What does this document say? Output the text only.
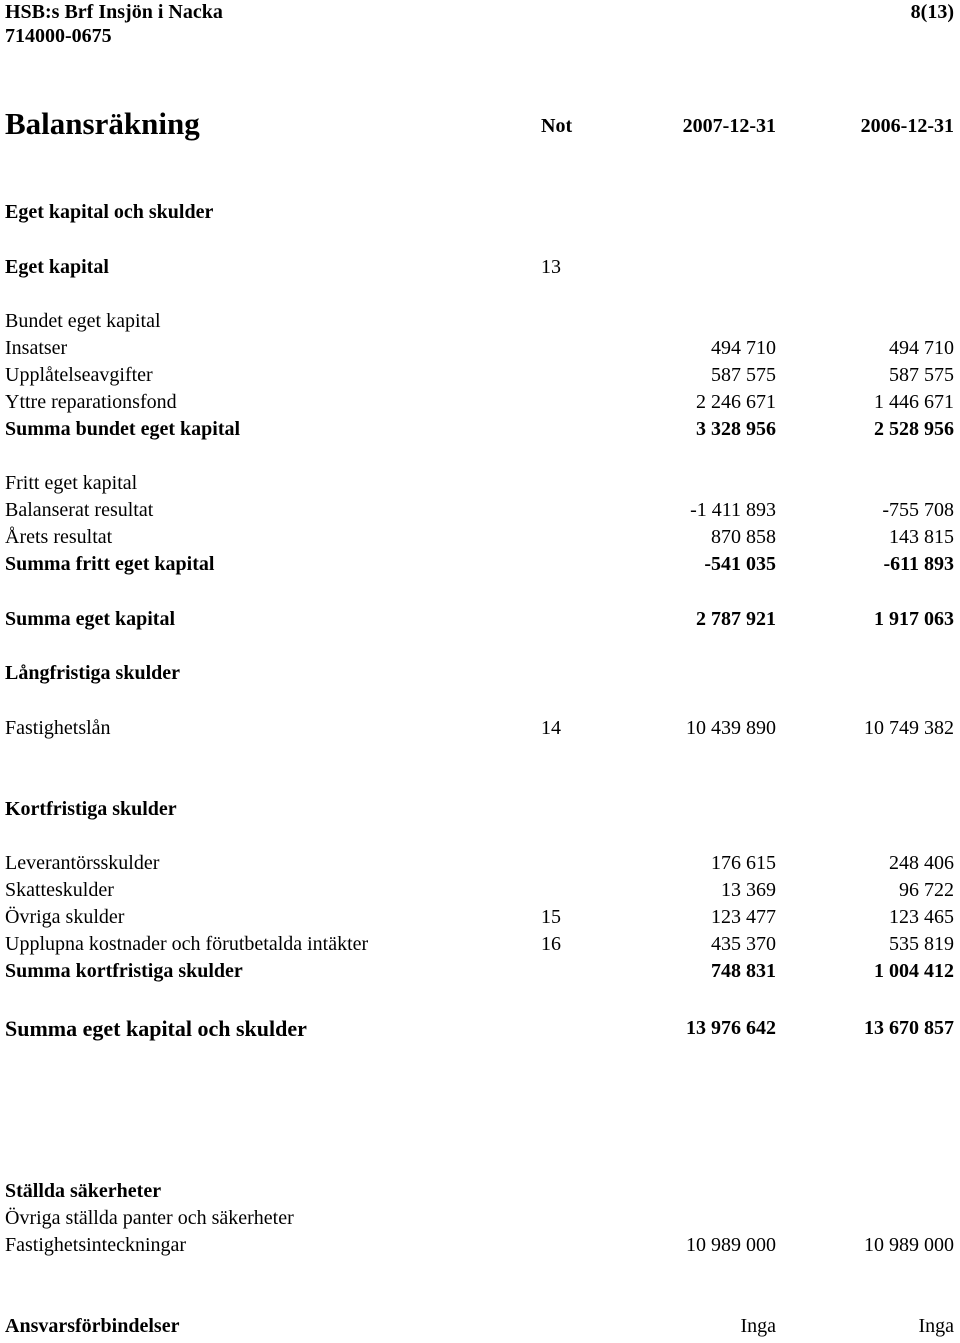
HSB:s Brf Insjön i Nacka
714000-0675
8(13)
Balansräkning	Not	2007-12-31	2006-12-31
Eget kapital och skulder
Eget kapital	13
Bundet eget kapital
Insatser	494 710	494 710
Upplåtelseavgifter	587 575	587 575
Yttre reparationsfond	2 246 671	1 446 671
Summa bundet eget kapital	3 328 956	2 528 956
Fritt eget kapital
Balanserat resultat	-1 411 893	-755 708
Årets resultat	870 858	143 815
Summa fritt eget kapital	-541 035	-611 893
Summa eget kapital	2 787 921	1 917 063
Långfristiga skulder
Fastighetslån	14	10 439 890	10 749 382
Kortfristiga skulder
Leverantörsskulder	176 615	248 406
Skatteskulder	13 369	96 722
Övriga skulder	15	123 477	123 465
Upplupna kostnader och förutbetalda intäkter	16	435 370	535 819
Summa kortfristiga skulder	748 831	1 004 412
Summa eget kapital och skulder	13 976 642	13 670 857
Ställda säkerheter
Övriga ställda panter och säkerheter
Fastighetsinteckningar	10 989 000	10 989 000
Ansvarsförbindelser	Inga	Inga
